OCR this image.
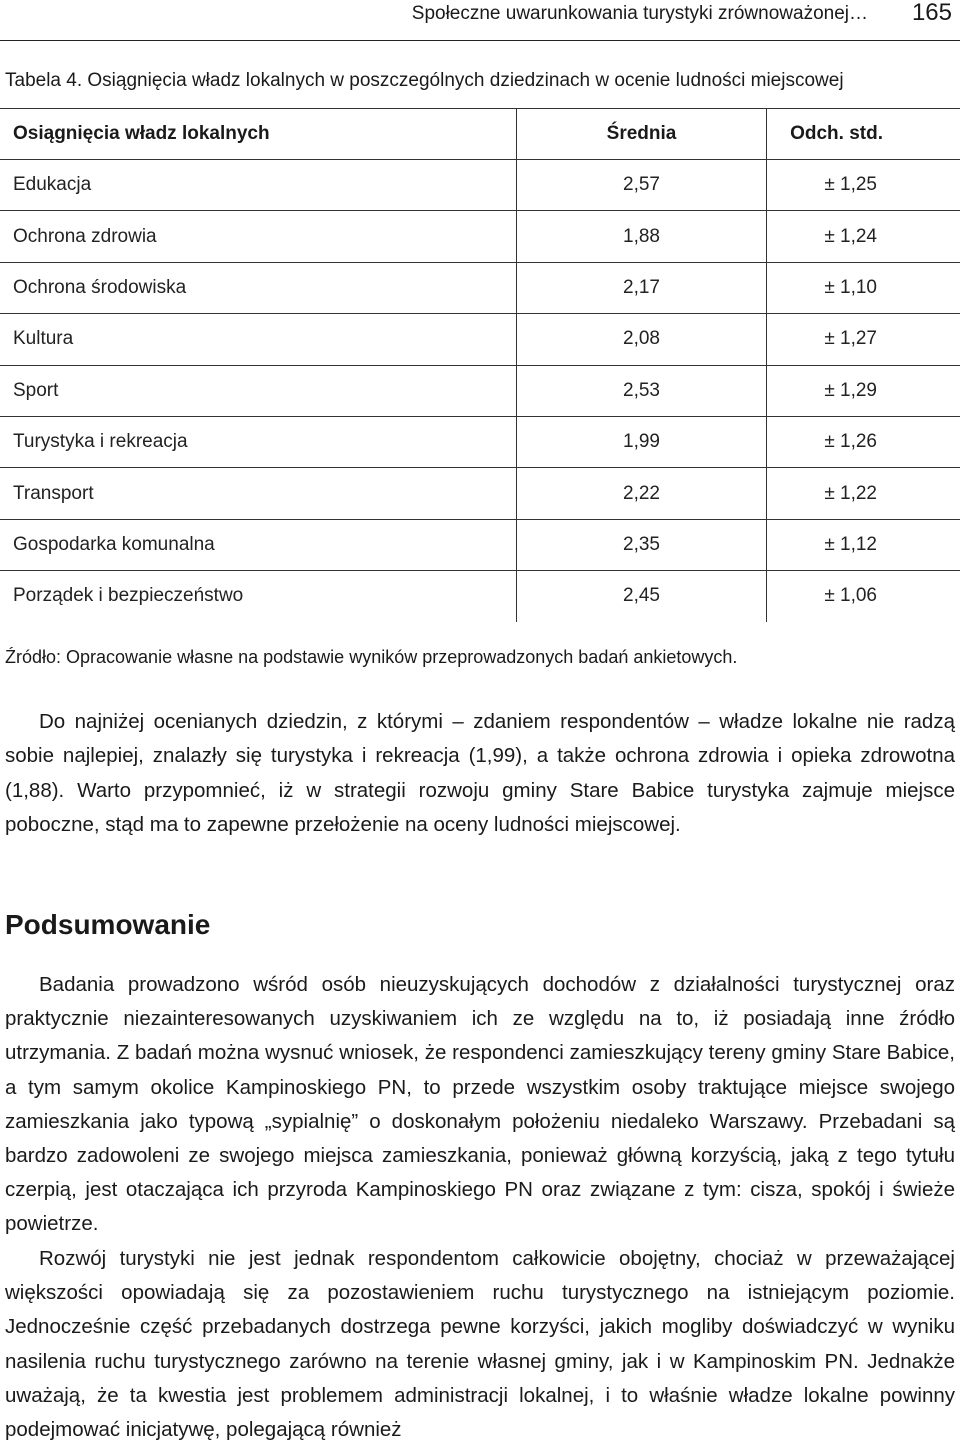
Społeczne uwarunkowania turystyki zrównoważonej… 165
Tabela 4. Osiągnięcia władz lokalnych w poszczególnych dziedzinach w ocenie ludności miejscowej
Osiągnięcia władz lokalnych	Średnia	Odch. std.
Edukacja	2,57	± 1,25
Ochrona zdrowia	1,88	± 1,24
Ochrona środowiska	2,17	± 1,10
Kultura	2,08	± 1,27
Sport	2,53	± 1,29
Turystyka i rekreacja	1,99	± 1,26
Transport	2,22	± 1,22
Gospodarka komunalna	2,35	± 1,12
Porządek i bezpieczeństwo	2,45	± 1,06
Źródło: Opracowanie własne na podstawie wyników przeprowadzonych badań ankietowych.

Do najniżej ocenianych dziedzin, z którymi – zdaniem respondentów – władze lokalne nie radzą sobie najlepiej, znalazły się turystyka i rekreacja (1,99), a także ochrona zdrowia i opieka zdrowotna (1,88). Warto przypomnieć, iż w strategii rozwoju gminy Stare Babice turystyka zajmuje miejsce poboczne, stąd ma to zapewne przełożenie na oceny ludności miejscowej.

Podsumowanie

Badania prowadzono wśród osób nieuzyskujących dochodów z działalności turystycznej oraz praktycznie niezainteresowanych uzyskiwaniem ich ze względu na to, iż posiadają inne źródło utrzymania. Z badań można wysnuć wniosek, że respondenci zamieszkujący tereny gminy Stare Babice, a tym samym okolice Kampinoskiego PN, to przede wszystkim osoby traktujące miejsce swojego zamieszkania jako typową „sypialnię” o doskonałym położeniu niedaleko Warszawy. Przebadani są bardzo zadowoleni ze swojego miejsca zamieszkania, ponieważ główną korzyścią, jaką z tego tytułu czerpią, jest otaczająca ich przyroda Kampinoskiego PN oraz związane z tym: cisza, spokój i świeże powietrze.

Rozwój turystyki nie jest jednak respondentom całkowicie obojętny, chociaż w przeważającej większości opowiadają się za pozostawieniem ruchu turystycznego na istniejącym poziomie. Jednocześnie część przebadanych dostrzega pewne korzyści, jakich mogliby doświadczyć w wyniku nasilenia ruchu turystycznego zarówno na terenie własnej gminy, jak i w Kampinoskim PN. Jednakże uważają, że ta kwestia jest problemem administracji lokalnej, i to właśnie władze lokalne powinny podejmować inicjatywę, polegającą również
